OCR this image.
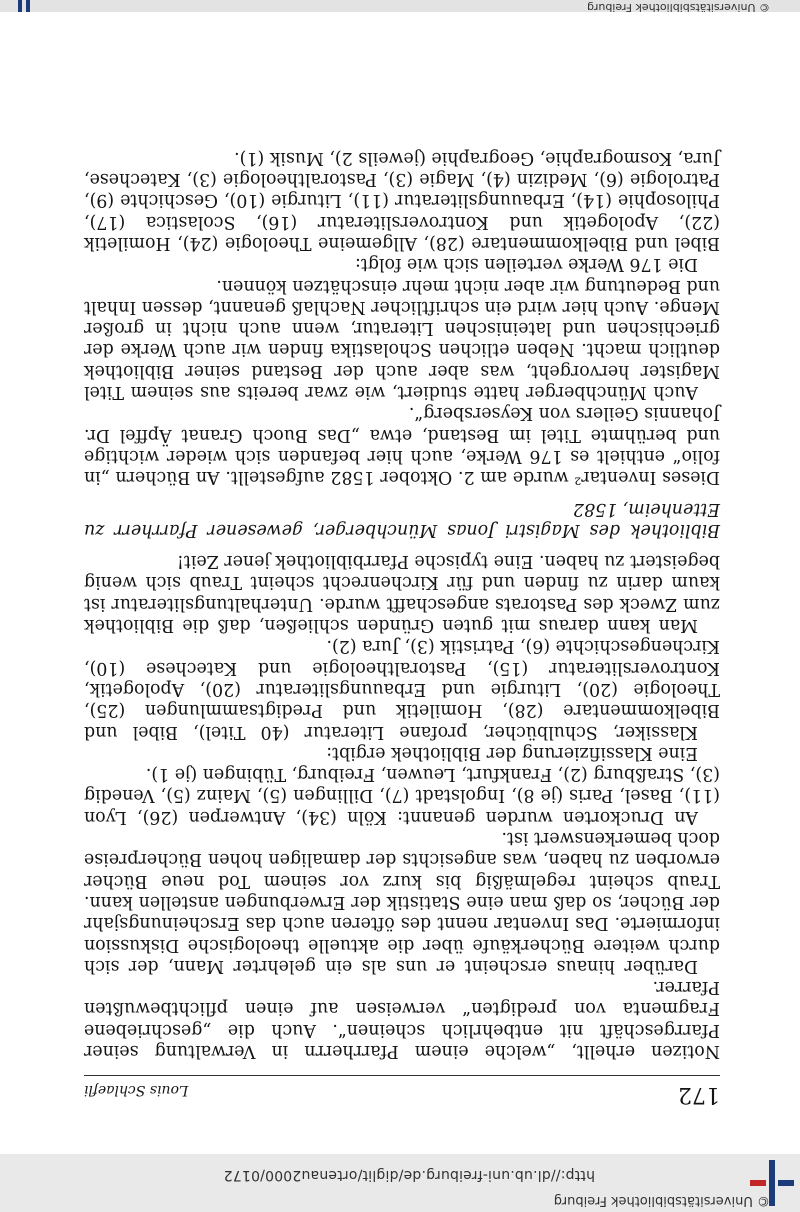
© Universitätsbibliothek Freiburg
http://dl.ub.uni-freiburg.de/diglit/ortenau2000/0172
172
Louis Schlaefli

Notizen erhellt, „welche einem Pfarrherrn in Verwaltung seiner Pfarrgeschäft nit entbehrlich scheinen“. Auch die „geschriebene Fragmenta von predigten“ verweisen auf einen pflichtbewußten Pfarrer.

Darüber hinaus erscheint er uns als ein gelehrter Mann, der sich durch weitere Bücherkäufe über die aktuelle theologische Diskussion informierte. Das Inventar nennt des öfteren auch das Erscheinungsjahr der Bücher, so daß man eine Statistik der Erwerbungen anstellen kann. Traub scheint regelmäßig bis kurz vor seinem Tod neue Bücher erworben zu haben, was angesichts der damaligen hohen Bücherpreise doch bemerkenswert ist.

An Druckorten wurden genannt: Köln (34), Antwerpen (26), Lyon (11), Basel, Paris (je 8), Ingolstadt (7), Dillingen (5), Mainz (5), Venedig (3), Straßburg (2), Frankfurt, Leuwen, Freiburg, Tübingen (je 1).

Eine Klassifizierung der Bibliothek ergibt:

Klassiker, Schulbücher, profane Literatur (40 Titel), Bibel und Bibelkommentare (28), Homiletik und Predigtsammlungen (25), Theologie (20), Liturgie und Erbauungsliteratur (20), Apologetik, Kontroversliteratur (15), Pastoraltheologie und Katechese (10), Kirchengeschichte (6), Patristik (3), Jura (2).

Man kann daraus mit guten Gründen schließen, daß die Bibliothek zum Zweck des Pastorats angeschafft wurde. Unterhaltungsliteratur ist kaum darin zu finden und für Kirchenrecht scheint Traub sich wenig begeistert zu haben. Eine typische Pfarrbibliothek jener Zeit!

Bibliothek des Magistri Jonas Münchberger, gewesener Pfarrherr zu Ettenheim, 1582

Dieses Inventar² wurde am 2. Oktober 1582 aufgestellt. An Büchern „in folio“ enthielt es 176 Werke, auch hier befanden sich wieder wichtige und berühmte Titel im Bestand, etwa „Das Buoch Granat Äpffel Dr. Johannis Geilers von Keysersberg“.

Auch Münchberger hatte studiert, wie zwar bereits aus seinem Titel Magister hervorgeht, was aber auch der Bestand seiner Bibliothek deutlich macht. Neben etlichen Scholastika finden wir auch Werke der griechischen und lateinischen Literatur, wenn auch nicht in großer Menge. Auch hier wird ein schriftlicher Nachlaß genannt, dessen Inhalt und Bedeutung wir aber nicht mehr einschätzen können.

Die 176 Werke verteilen sich wie folgt:

Bibel und Bibelkommentare (28), Allgemeine Theologie (24), Homiletik (22), Apologetik und Kontroversliteratur (16), Scolastica (17), Philosophie (14), Erbauungsliteratur (11), Liturgie (10), Geschichte (9), Patrologie (6), Medizin (4), Magie (3), Pastoraltheologie (3), Katechese, Jura, Kosmographie, Geographie (jeweils 2), Musik (1).

© Universitätsbibliothek Freiburg
